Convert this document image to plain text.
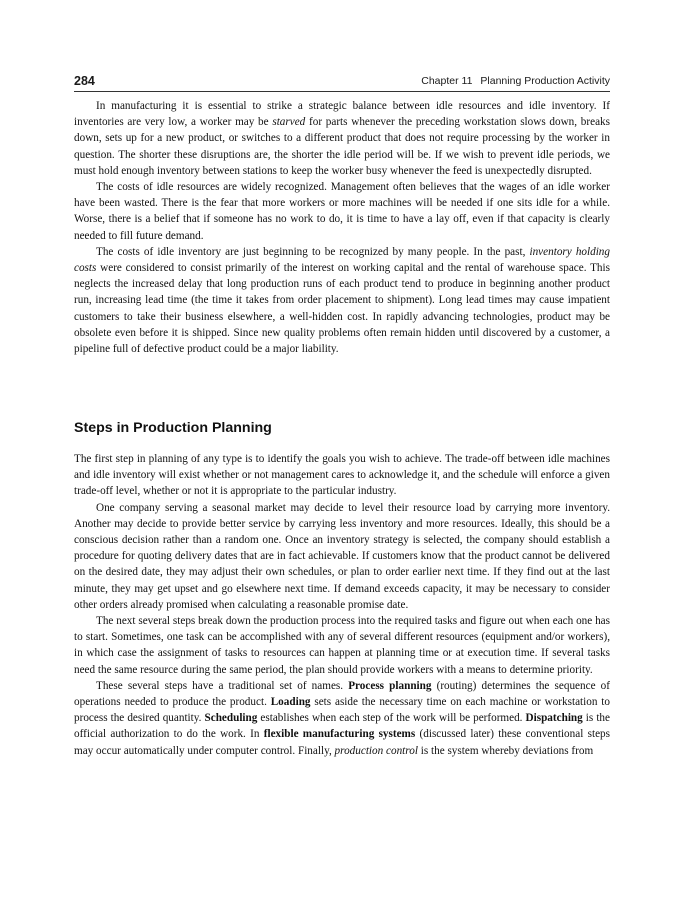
284	Chapter 11 Planning Production Activity

In manufacturing it is essential to strike a strategic balance between idle resources and idle inventory. If inventories are very low, a worker may be starved for parts whenever the preceding workstation slows down, breaks down, sets up for a new product, or switches to a different product that does not require processing by the worker in question. The shorter these disruptions are, the shorter the idle period will be. If we wish to prevent idle periods, we must hold enough inventory between stations to keep the worker busy whenever the feed is unexpectedly disrupted.

The costs of idle resources are widely recognized. Management often believes that the wages of an idle worker have been wasted. There is the fear that more workers or more machines will be needed if one sits idle for a while. Worse, there is a belief that if someone has no work to do, it is time to have a lay off, even if that capacity is clearly needed to fill future demand.

The costs of idle inventory are just beginning to be recognized by many people. In the past, inventory holding costs were considered to consist primarily of the interest on working capital and the rental of warehouse space. This neglects the increased delay that long production runs of each product tend to produce in beginning another product run, increasing lead time (the time it takes from order placement to shipment). Long lead times may cause impatient customers to take their business elsewhere, a well-hidden cost. In rapidly advancing technologies, product may be obsolete even before it is shipped. Since new quality problems often remain hidden until discovered by a customer, a pipeline full of defective product could be a major liability.

Steps in Production Planning

The first step in planning of any type is to identify the goals you wish to achieve. The trade-off between idle machines and idle inventory will exist whether or not management cares to acknowledge it, and the schedule will enforce a given trade-off level, whether or not it is appropriate to the particular industry.

One company serving a seasonal market may decide to level their resource load by carrying more inventory. Another may decide to provide better service by carrying less inventory and more resources. Ideally, this should be a conscious decision rather than a random one. Once an inventory strategy is selected, the company should establish a procedure for quoting delivery dates that are in fact achievable. If customers know that the product cannot be delivered on the desired date, they may adjust their own schedules, or plan to order earlier next time. If they find out at the last minute, they may get upset and go elsewhere next time. If demand exceeds capacity, it may be necessary to consider other orders already promised when calculating a reasonable promise date.

The next several steps break down the production process into the required tasks and figure out when each one has to start. Sometimes, one task can be accomplished with any of several different resources (equipment and/or workers), in which case the assignment of tasks to resources can happen at planning time or at execution time. If several tasks need the same resource during the same period, the plan should provide workers with a means to determine priority.

These several steps have a traditional set of names. Process planning (routing) determines the sequence of operations needed to produce the product. Loading sets aside the necessary time on each machine or workstation to process the desired quantity. Scheduling establishes when each step of the work will be performed. Dispatching is the official authorization to do the work. In flexible manufacturing systems (discussed later) these conventional steps may occur automatically under computer control. Finally, production control is the system whereby deviations from
